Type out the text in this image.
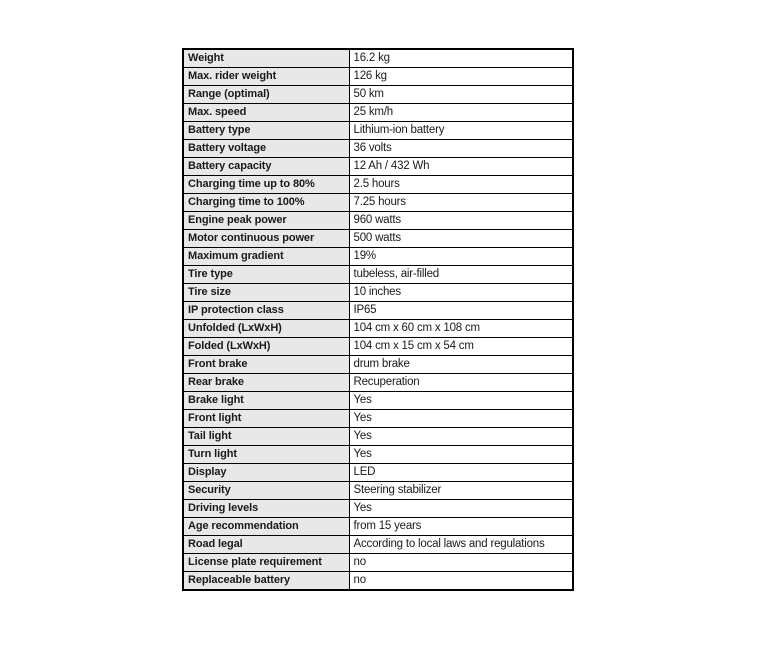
Weight	16.2 kg
Max. rider weight	126 kg
Range (optimal)	50 km
Max. speed	25 km/h
Battery type	Lithium-ion battery
Battery voltage	36 volts
Battery capacity	12 Ah / 432 Wh
Charging time up to 80%	2.5 hours
Charging time to 100%	7.25 hours
Engine peak power	960 watts
Motor continuous power	500 watts
Maximum gradient	19%
Tire type	tubeless, air-filled
Tire size	10 inches
IP protection class	IP65
Unfolded (LxWxH)	104 cm x 60 cm x 108 cm
Folded (LxWxH)	104 cm x 15 cm x 54 cm
Front brake	drum brake
Rear brake	Recuperation
Brake light	Yes
Front light	Yes
Tail light	Yes
Turn light	Yes
Display	LED
Security	Steering stabilizer
Driving levels	Yes
Age recommendation	from 15 years
Road legal	According to local laws and regulations
License plate requirement	no
Replaceable battery	no
